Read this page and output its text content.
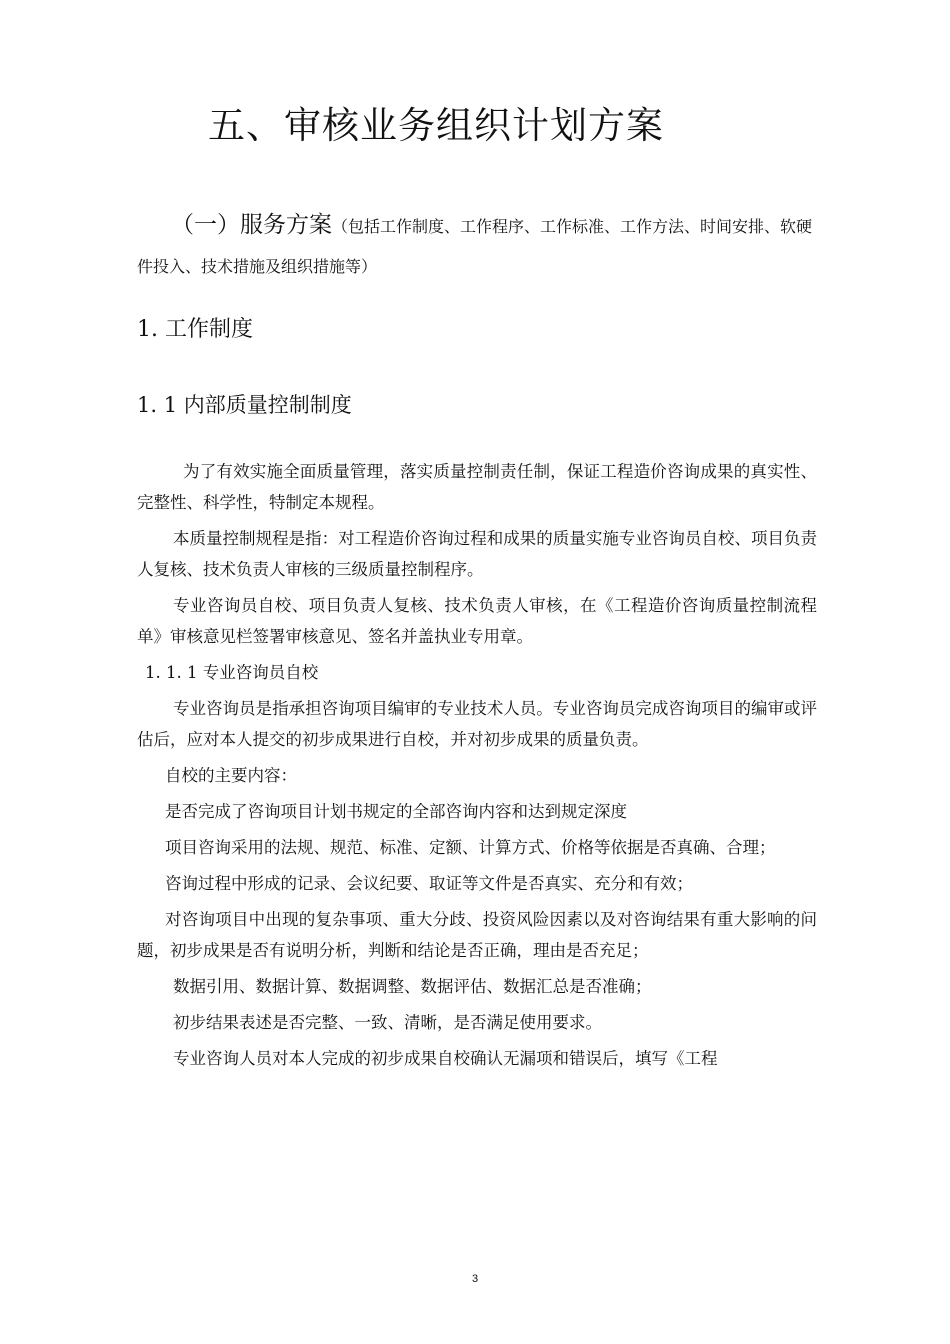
五、审核业务组织计划方案
（一）服务方案（包括工作制度、工作程序、工作标准、工作方法、时间安排、软硬件投入、技术措施及组织措施等）
1. 工作制度
1. 1 内部质量控制制度

为了有效实施全面质量管理，落实质量控制责任制，保证工程造价咨询成果的真实性、完整性、科学性，特制定本规程。

本质量控制规程是指：对工程造价咨询过程和成果的质量实施专业咨询员自校、项目负责人复核、技术负责人审核的三级质量控制程序。

专业咨询员自校、项目负责人复核、技术负责人审核，在《工程造价咨询质量控制流程单》审核意见栏签署审核意见、签名并盖执业专用章。

1. 1. 1 专业咨询员自校

专业咨询员是指承担咨询项目编审的专业技术人员。专业咨询员完成咨询项目的编审或评估后，应对本人提交的初步成果进行自校，并对初步成果的质量负责。

自校的主要内容：

是否完成了咨询项目计划书规定的全部咨询内容和达到规定深度

项目咨询采用的法规、规范、标准、定额、计算方式、价格等依据是否真确、合理；

咨询过程中形成的记录、会议纪要、取证等文件是否真实、充分和有效；

对咨询项目中出现的复杂事项、重大分歧、投资风险因素以及对咨询结果有重大影响的问题，初步成果是否有说明分析，判断和结论是否正确，理由是否充足；

数据引用、数据计算、数据调整、数据评估、数据汇总是否准确；

初步结果表述是否完整、一致、清晰，是否满足使用要求。

专业咨询人员对本人完成的初步成果自校确认无漏项和错误后，填写《工程

3
